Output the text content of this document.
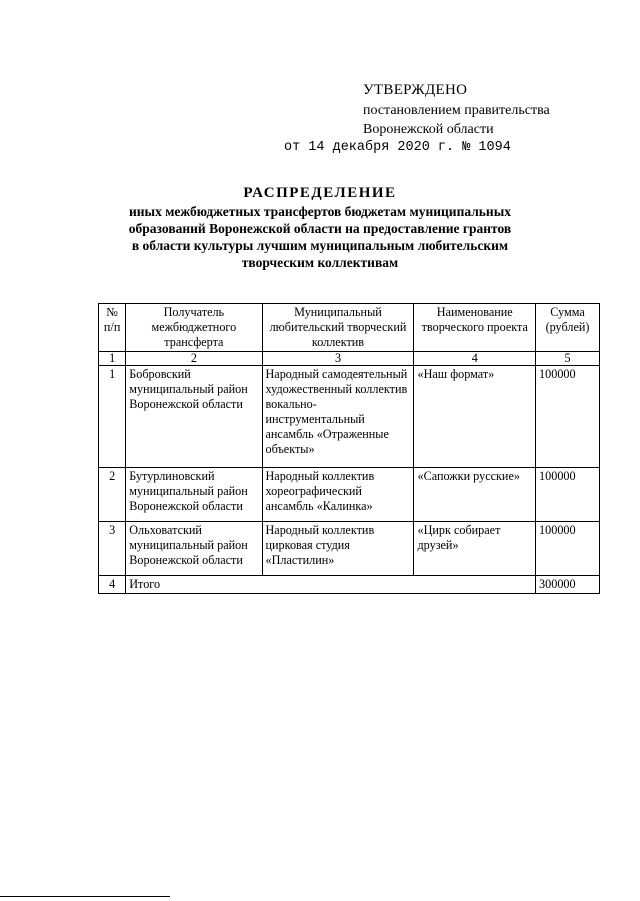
УТВЕРЖДЕНО
постановлением правительства
Воронежской области
от 14 декабря 2020 г. № 1094
РАСПРЕДЕЛЕНИЕ
иных межбюджетных трансфертов бюджетам муниципальных
образований Воронежской области на предоставление грантов
в области культуры лучшим муниципальным любительским
творческим коллективам
№ п/п	Получатель межбюджетного трансферта	Муниципальный любительский творческий коллектив	Наименование творческого проекта	Сумма (рублей)
1	2	3	4	5
1	Бобровский муниципальный район Воронежской области	Народный самодеятельный художественный коллектив вокально-инструментальный ансамбль «Отраженные объекты»	«Наш формат»	100000
2	Бутурлиновский муниципальный район Воронежской области	Народный коллектив хореографический ансамбль «Калинка»	«Сапожки русские»	100000
3	Ольховатский муниципальный район Воронежской области	Народный коллектив цирковая студия «Пластилин»	«Цирк собирает друзей»	100000
4	Итого			300000
